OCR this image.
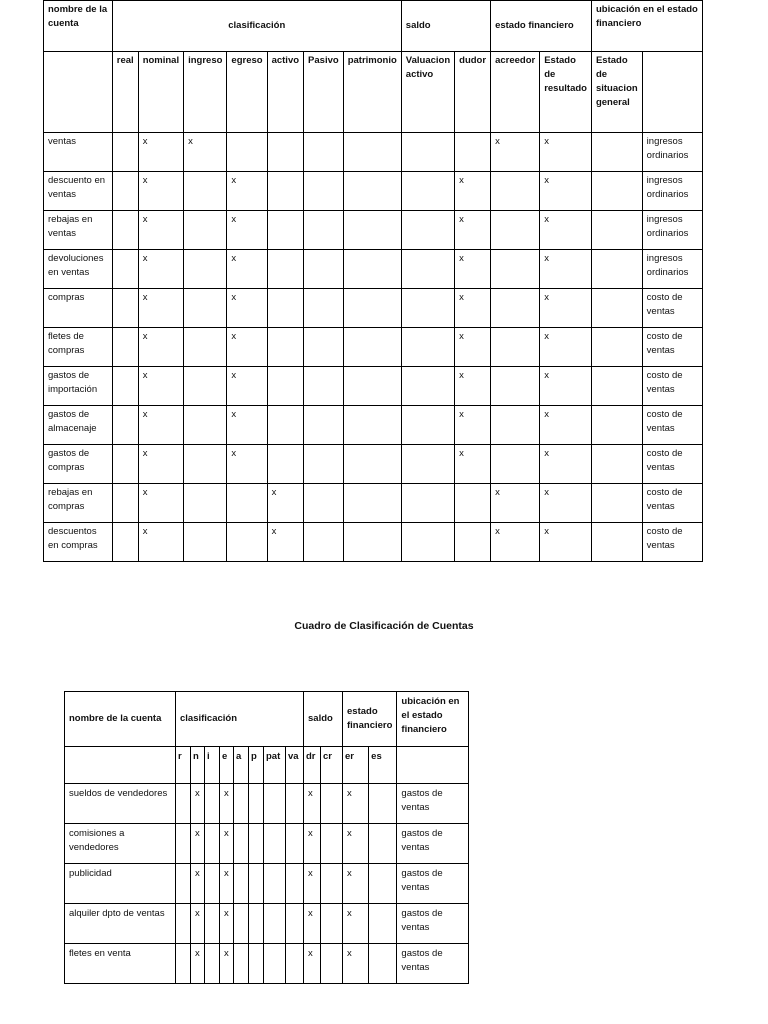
nombre de la cuenta	clasificación							saldo		estado financiero		ubicación en el estado financiero	
	real	nominal	ingreso	egreso	activo	Pasivo	patrimonio	Valuacion activo	dudor	acreedor	Estado de resultado	Estado de situacion general	
ventas		x	x							x	x		ingresos ordinarios
descuento en ventas		x		x					x		x		ingresos ordinarios
rebajas en ventas		x		x					x		x		ingresos ordinarios
devoluciones en ventas		x		x					x		x		ingresos ordinarios
compras		x		x					x		x		costo de ventas
fletes de compras		x		x					x		x		costo de ventas
gastos de importación		x		x					x		x		costo de ventas
gastos de almacenaje		x		x					x		x		costo de ventas
gastos de compras		x		x					x		x		costo de ventas
rebajas en compras		x			x					x	x		costo de ventas
descuentos en compras		x			x					x	x		costo de ventas
Cuadro de Clasificación de Cuentas
nombre de la cuenta	clasificación								saldo		estado financiero		ubicación en el estado financiero
	r	n	i	e	a	p	pat	va	dr	cr	er	es	
sueldos de vendedores		x		x					x		x		gastos de ventas
comisiones a vendedores		x		x					x		x		gastos de ventas
publicidad		x		x					x		x		gastos de ventas
alquiler dpto de ventas		x		x					x		x		gastos de ventas
fletes en venta		x		x					x		x		gastos de ventas
